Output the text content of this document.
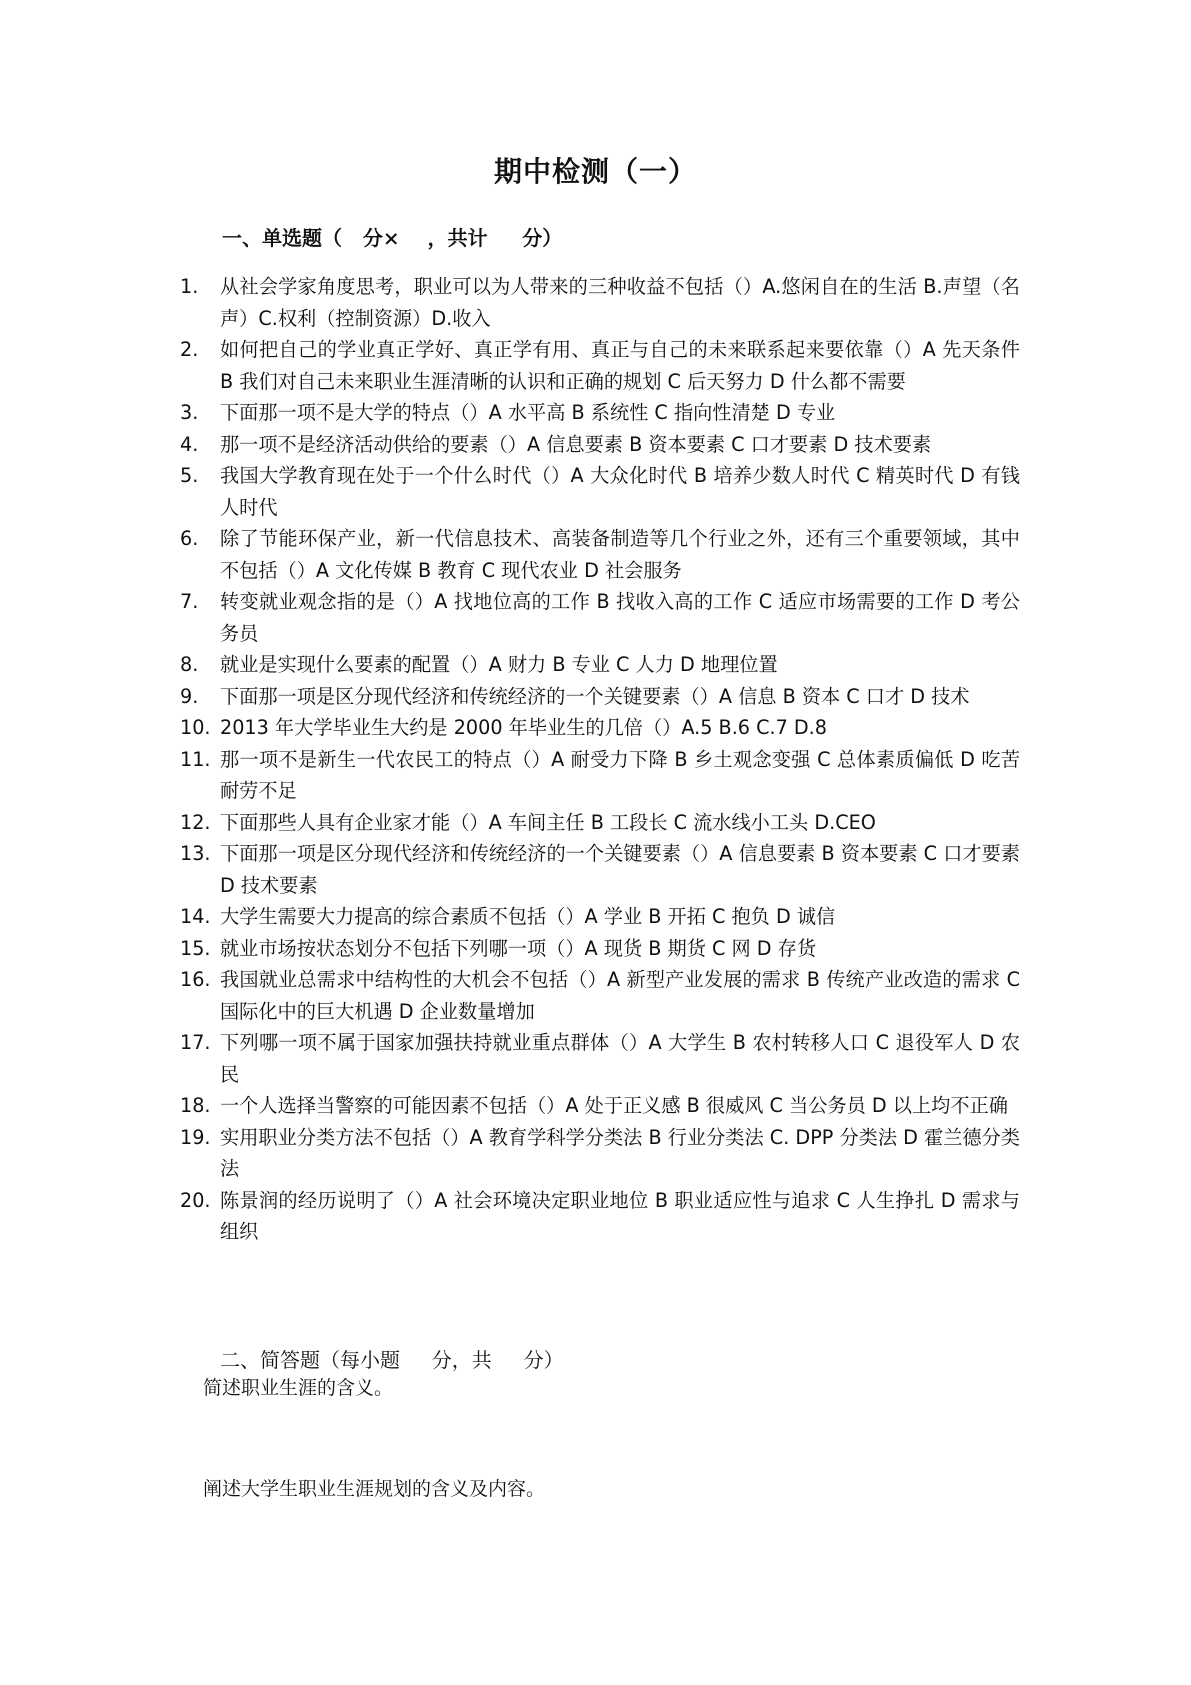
期中检测（一）
一、单选题（   分×    ，共计     分）
1. 从社会学家角度思考，职业可以为人带来的三种收益不包括（）A.悠闲自在的生活 B.声望（名声）C.权利（控制资源）D.收入
2. 如何把自己的学业真正学好、真正学有用、真正与自己的未来联系起来要依靠（）A 先天条件 B 我们对自己未来职业生涯清晰的认识和正确的规划 C 后天努力 D 什么都不需要
3. 下面那一项不是大学的特点（）A 水平高 B 系统性 C 指向性清楚 D 专业
4. 那一项不是经济活动供给的要素（）A 信息要素 B 资本要素 C 口才要素 D 技术要素
5. 我国大学教育现在处于一个什么时代（）A 大众化时代 B 培养少数人时代 C 精英时代 D 有钱人时代
6. 除了节能环保产业，新一代信息技术、高装备制造等几个行业之外，还有三个重要领域，其中不包括（）A 文化传媒 B 教育 C 现代农业 D 社会服务
7. 转变就业观念指的是（）A 找地位高的工作 B 找收入高的工作 C 适应市场需要的工作 D 考公务员
8. 就业是实现什么要素的配置（）A 财力 B 专业 C 人力 D 地理位置
9. 下面那一项是区分现代经济和传统经济的一个关键要素（）A 信息 B 资本 C 口才 D 技术
10. 2013 年大学毕业生大约是 2000 年毕业生的几倍（）A.5 B.6 C.7 D.8
11. 那一项不是新生一代农民工的特点（）A 耐受力下降 B 乡土观念变强 C 总体素质偏低 D 吃苦耐劳不足
12. 下面那些人具有企业家才能（）A 车间主任 B 工段长 C 流水线小工头 D.CEO
13. 下面那一项是区分现代经济和传统经济的一个关键要素（）A 信息要素 B 资本要素 C 口才要素 D 技术要素
14. 大学生需要大力提高的综合素质不包括（）A 学业 B 开拓 C 抱负 D 诚信
15. 就业市场按状态划分不包括下列哪一项（）A 现货 B 期货 C 网 D 存货
16. 我国就业总需求中结构性的大机会不包括（）A 新型产业发展的需求 B 传统产业改造的需求 C 国际化中的巨大机遇 D 企业数量增加
17. 下列哪一项不属于国家加强扶持就业重点群体（）A 大学生 B 农村转移人口 C 退役军人 D 农民
18. 一个人选择当警察的可能因素不包括（）A 处于正义感 B 很威风 C 当公务员 D 以上均不正确
19. 实用职业分类方法不包括（）A 教育学科学分类法 B 行业分类法 C. DPP 分类法 D 霍兰德分类法
20. 陈景润的经历说明了（）A 社会环境决定职业地位 B 职业适应性与追求 C 人生挣扎 D 需求与组织
二、简答题（每小题     分，共     分）
简述职业生涯的含义。
阐述大学生职业生涯规划的含义及内容。
